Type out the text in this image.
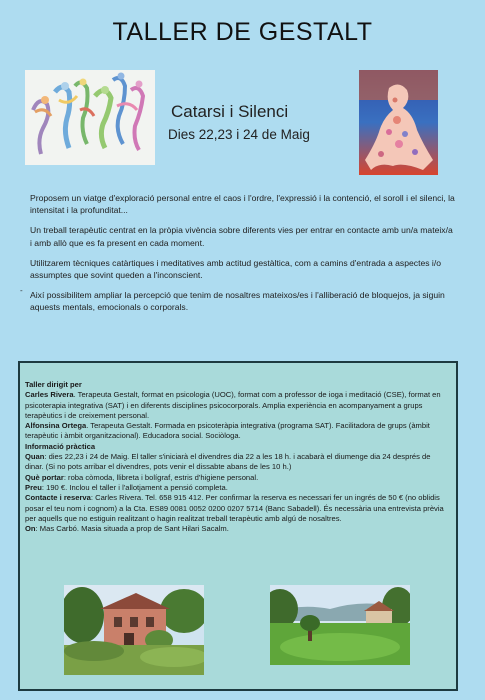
TALLER DE GESTALT
Catarsi i Silenci
Dies 22,23 i 24 de Maig

Proposem un viatge d'exploració personal entre el caos i l'ordre, l'expressió i la contenció, el soroll i el silenci, la intensitat i la profunditat...

Un treball terapèutic centrat en la pròpia vivència sobre diferents vies per entrar en contacte amb un/a mateix/a i amb allò que es fa present en cada moment.

Utilitzarem tècniques catàrtiques i meditatives amb actitud gestàltica, com a camins d'entrada a aspectes i/o assumptes que sovint queden a l'inconscient.

Així possibilitem ampliar la percepció que tenim de nosaltres mateixos/es i l'alliberació de bloquejos, ja siguin aquests mentals, emocionals o corporals.

-
Taller dirigit per
Carles Rivera. Terapeuta Gestalt, format en psicologia (UOC), format com a professor de ioga i meditació (CSE), format en psicoterapia integrativa (SAT) i en diferents disciplines psicocorporals. Amplia experiència en acompanyament a grups terapèutics i de creixement personal.
Alfonsina Ortega. Terapeuta Gestalt. Formada en psicoteràpia integrativa (programa SAT). Facilitadora de grups (àmbit terapèutic i àmbit organitzacional). Educadora social. Sociòloga.
Informació pràctica
Quan: dies 22,23 i 24 de Maig. El taller s'iniciarà el divendres dia 22 a les 18 h. i acabarà el diumenge dia 24 després de dinar. (Si no pots arribar el divendres, pots venir el dissabte abans de les 10 h.)
Què portar: roba còmoda, llibreta i bolígraf, estris d'higiene personal.
Preu: 190 €. Inclou el taller i l'allotjament a pensió completa.
Contacte i reserva: Carles Rivera. Tel. 658 915 412. Per confirmar la reserva es necessari fer un ingrés de 50 € (no oblidis posar el teu nom i cognom) a la Cta. ES89 0081 0052 0200 0207 5714 (Banc Sabadell). És necessària una entrevista prèvia per aquells que no estiguin realitzant o hagin realitzat treball terapèutic amb algú de nosaltres.
On: Mas Carbó. Masia situada a prop de Sant Hilari Sacalm.
